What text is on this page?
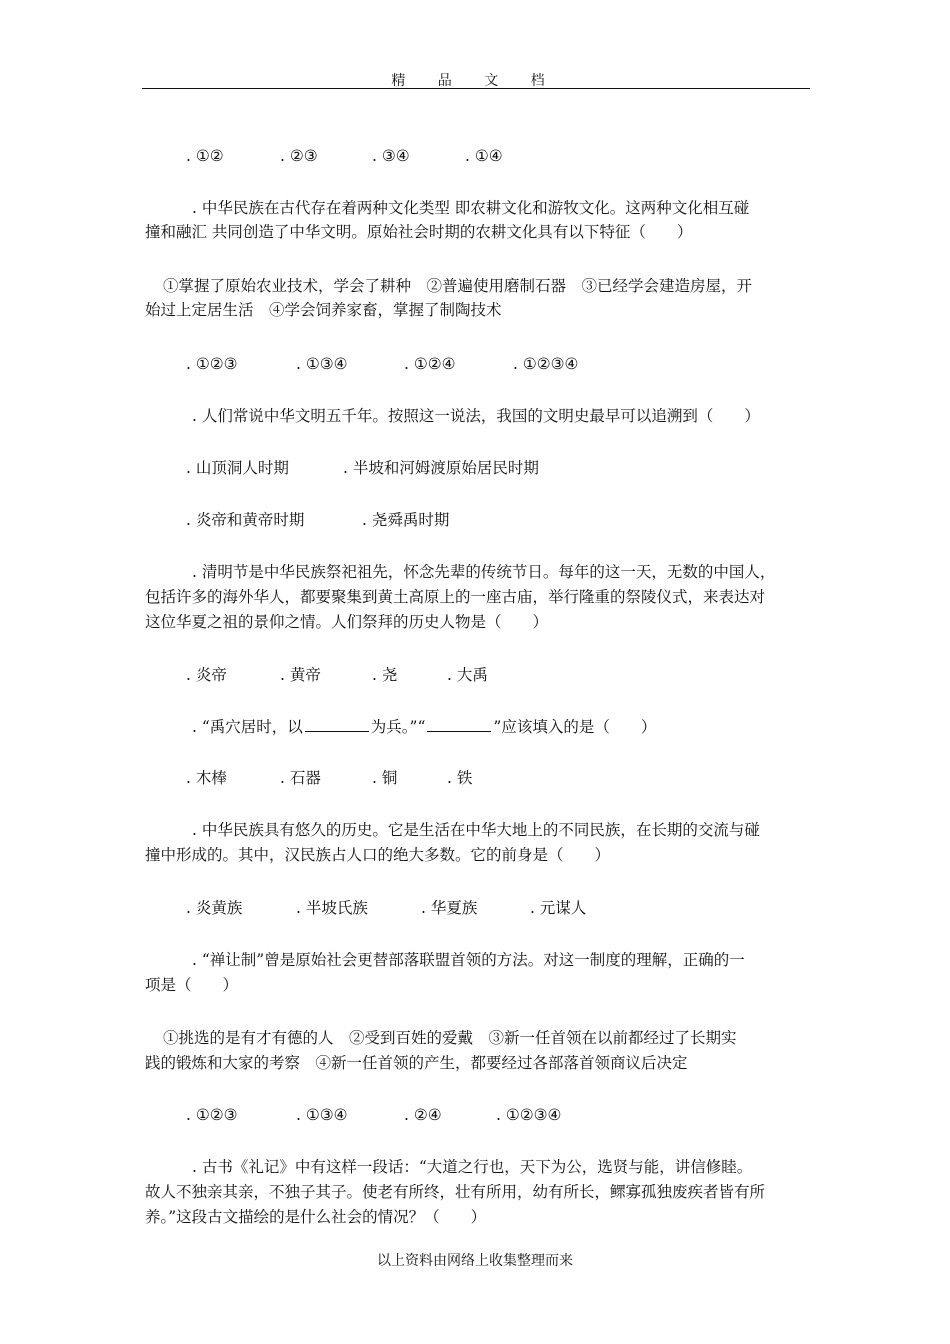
精 品 文 档
. ①②	. ②③	. ③④	. ①④
. 中华民族在古代存在着两种文化类型 即农耕文化和游牧文化。这两种文化相互碰
撞和融汇 共同创造了中华文明。原始社会时期的农耕文化具有以下特征（　　）
①掌握了原始农业技术，学会了耕种　②普遍使用磨制石器　③已经学会建造房屋，开
始过上定居生活　④学会饲养家畜，掌握了制陶技术
. ①②③	. ①③④	. ①②④	. ①②③④
. 人们常说中华文明五千年。按照这一说法，我国的文明史最早可以追溯到（　　）
. 山顶洞人时期	. 半坡和河姆渡原始居民时期
. 炎帝和黄帝时期	. 尧舜禹时期
. 清明节是中华民族祭祀祖先，怀念先辈的传统节日。每年的这一天，无数的中国人，
包括许多的海外华人，都要聚集到黄土高原上的一座古庙，举行隆重的祭陵仪式，来表达对
这位华夏之祖的景仰之情。人们祭拜的历史人物是（　　）
. 炎帝	. 黄帝	. 尧	. 大禹
. “禹穴居时，以	为兵。”“	”应该填入的是（　　）
. 木棒	. 石器	. 铜	. 铁
. 中华民族具有悠久的历史。它是生活在中华大地上的不同民族，在长期的交流与碰
撞中形成的。其中，汉民族占人口的绝大多数。它的前身是（　　）
. 炎黄族	. 半坡氏族	. 华夏族	. 元谋人
. “禅让制”曾是原始社会更替部落联盟首领的方法。对这一制度的理解，正确的一
项是（　　）
①挑选的是有才有德的人　②受到百姓的爱戴　③新一任首领在以前都经过了长期实
践的锻炼和大家的考察　④新一任首领的产生，都要经过各部落首领商议后决定
. ①②③	. ①③④	. ②④	. ①②③④
. 古书《礼记》中有这样一段话：“大道之行也，天下为公，选贤与能，讲信修睦。
故人不独亲其亲，不独子其子。使老有所终，壮有所用，幼有所长，鳏寡孤独废疾者皆有所
养。”这段古文描绘的是什么社会的情况？（　　）
以上资料由网络上收集整理而来
